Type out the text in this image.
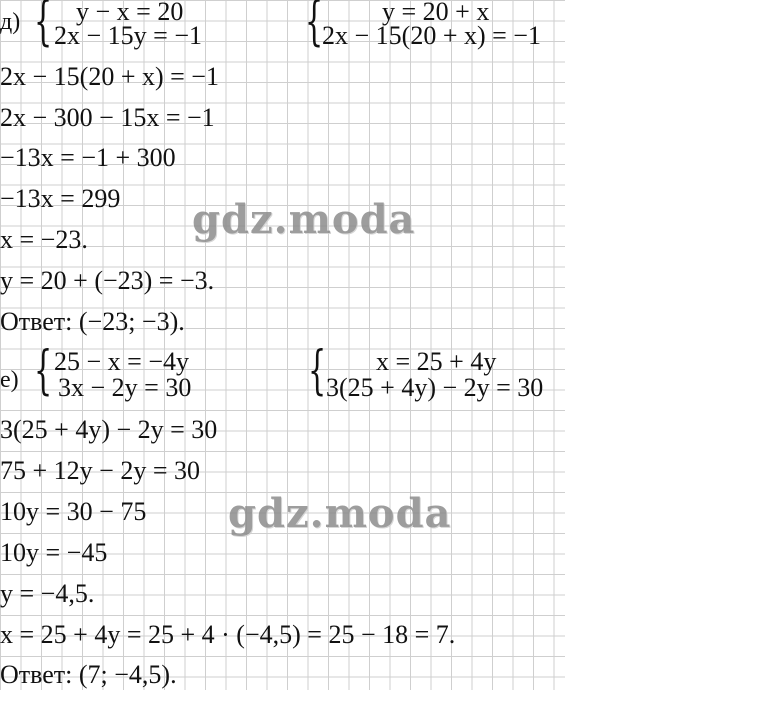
д) { y − x = 20
2x − 15y = −1 { y = 20 + x
2x − 15(20 + x) = −1
2x − 15(20 + x) = −1
2x − 300 − 15x = −1
−13x = −1 + 300
−13x = 299
x = −23.
y = 20 + (−23) = −3.
Ответ: (−23; −3).
е) { 25 − x = −4y
3x − 2y = 30 { x = 25 + 4y
3(25 + 4y) − 2y = 30
3(25 + 4y) − 2y = 30
75 + 12y − 2y = 30
10y = 30 − 75
10y = −45
y = −4,5.
x = 25 + 4y = 25 + 4 · (−4,5) = 25 − 18 = 7.
Ответ: (7; −4,5).
gdz.moda
gdz.moda
